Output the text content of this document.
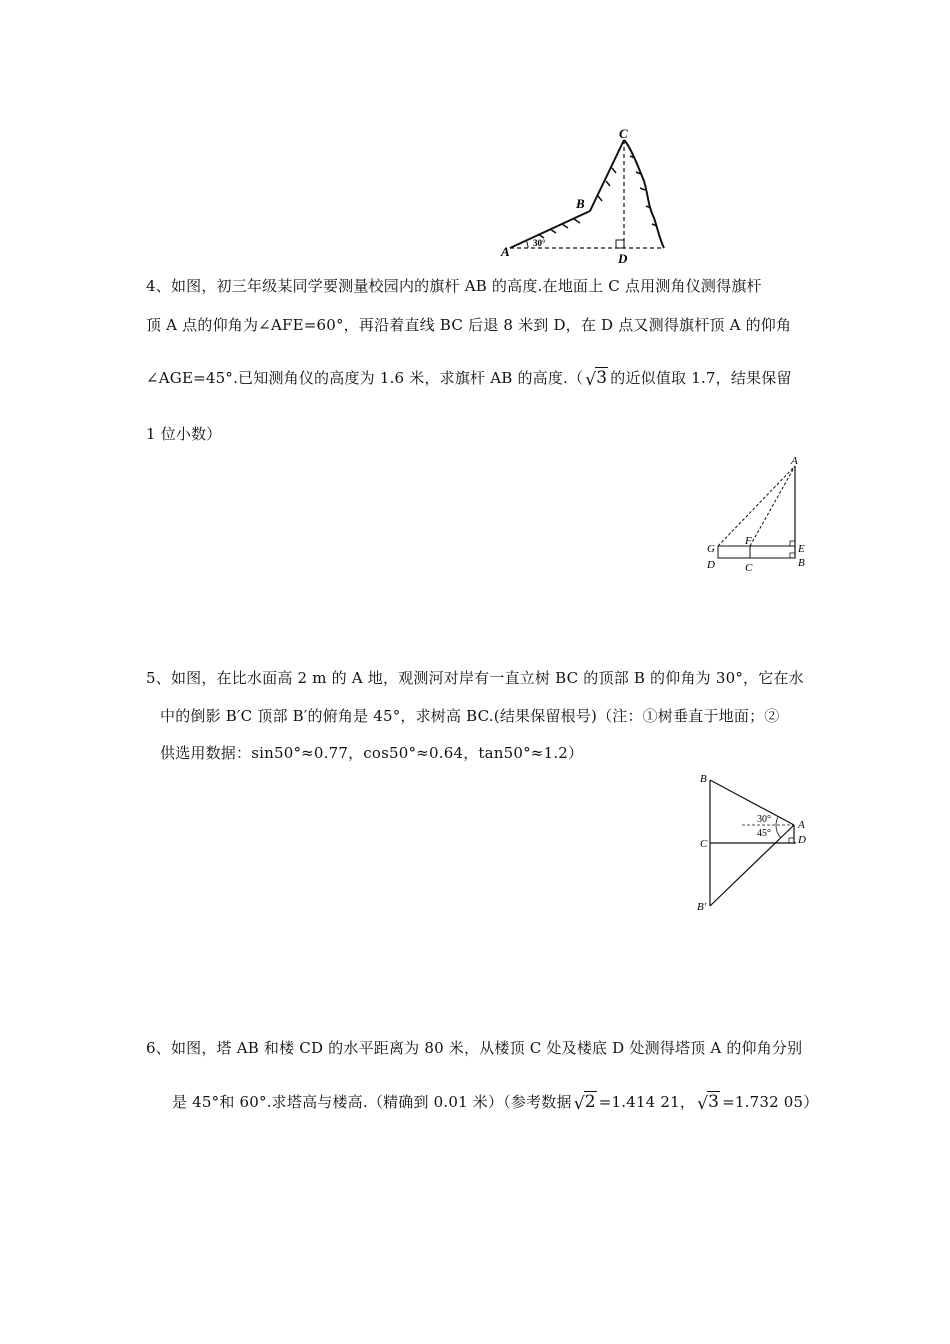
A
B
C
D
30°
4、如图，初三年级某同学要测量校园内的旗杆 AB 的高度.在地面上 C 点用测角仪测得旗杆
顶 A 点的仰角为∠AFE=60°，再沿着直线 BC 后退 8 米到 D，在 D 点又测得旗杆顶 A 的仰角
∠AGE=45°.已知测角仪的高度为 1.6 米，求旗杆 AB 的高度.（ √ 3 的近似值取 1.7，结果保留
1 位小数）
A
G
F
E
D	C	B
5、如图，在比水面高 2 m 的 A 地，观测河对岸有一直立树 BC 的顶部 B 的仰角为 30°，它在水
中的倒影 B′C 顶部 B′的俯角是 45°，求树高 BC.(结果保留根号)（注：①树垂直于地面；②
供选用数据：sin50°≈0.77，cos50°≈0.64，tan50°≈1.2）
B
A
C	D
B′
30°
45°
6、如图，塔 AB 和楼 CD 的水平距离为 80 米，从楼顶 C 处及楼底 D 处测得塔顶 A 的仰角分别
是 45°和 60°.求塔高与楼高.（精确到 0.01 米）（参考数据 √ 2 =1.414 21， √ 3 =1.732 05）
